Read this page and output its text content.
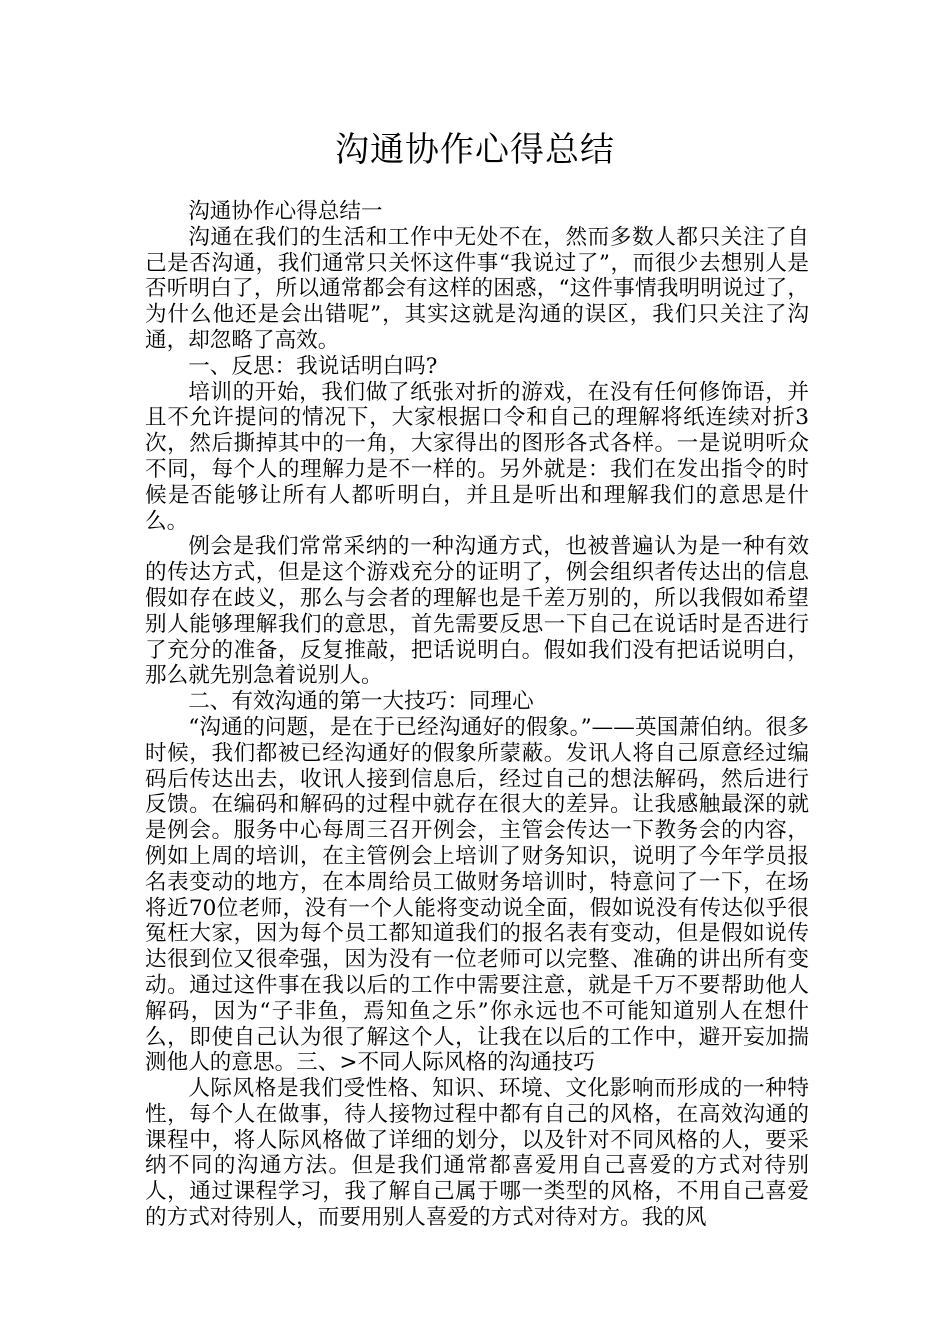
沟通协作心得总结

沟通协作心得总结一

沟通在我们的生活和工作中无处不在，然而多数人都只关注了自己是否沟通，我们通常只关怀这件事“我说过了”，而很少去想别人是否听明白了，所以通常都会有这样的困惑，“这件事情我明明说过了，为什么他还是会出错呢”，其实这就是沟通的误区，我们只关注了沟通，却忽略了高效。

一、反思：我说话明白吗?

培训的开始，我们做了纸张对折的游戏，在没有任何修饰语，并且不允许提问的情况下，大家根据口令和自己的理解将纸连续对折3次，然后撕掉其中的一角，大家得出的图形各式各样。一是说明听众不同，每个人的理解力是不一样的。另外就是：我们在发出指令的时候是否能够让所有人都听明白，并且是听出和理解我们的意思是什么。

例会是我们常常采纳的一种沟通方式，也被普遍认为是一种有效的传达方式，但是这个游戏充分的证明了，例会组织者传达出的信息假如存在歧义，那么与会者的理解也是千差万别的，所以我假如希望别人能够理解我们的意思，首先需要反思一下自己在说话时是否进行了充分的准备，反复推敲，把话说明白。假如我们没有把话说明白，那么就先别急着说别人。

二、有效沟通的第一大技巧：同理心

“沟通的问题，是在于已经沟通好的假象。”——英国萧伯纳。很多时候，我们都被已经沟通好的假象所蒙蔽。发讯人将自己原意经过编码后传达出去，收讯人接到信息后，经过自己的想法解码，然后进行反馈。在编码和解码的过程中就存在很大的差异。让我感触最深的就是例会。服务中心每周三召开例会，主管会传达一下教务会的内容，例如上周的培训，在主管例会上培训了财务知识，说明了今年学员报名表变动的地方，在本周给员工做财务培训时，特意问了一下，在场将近70位老师，没有一个人能将变动说全面，假如说没有传达似乎很冤枉大家，因为每个员工都知道我们的报名表有变动，但是假如说传达很到位又很牵强，因为没有一位老师可以完整、准确的讲出所有变动。通过这件事在我以后的工作中需要注意，就是千万不要帮助他人解码，因为“子非鱼，焉知鱼之乐”你永远也不可能知道别人在想什么，即使自己认为很了解这个人，让我在以后的工作中，避开妄加揣测他人的意思。三、>不同人际风格的沟通技巧

人际风格是我们受性格、知识、环境、文化影响而形成的一种特性，每个人在做事，待人接物过程中都有自己的风格，在高效沟通的课程中，将人际风格做了详细的划分，以及针对不同风格的人，要采纳不同的沟通方法。但是我们通常都喜爱用自己喜爱的方式对待别人，通过课程学习，我了解自己属于哪一类型的风格，不用自己喜爱的方式对待别人，而要用别人喜爱的方式对待对方。我的风
